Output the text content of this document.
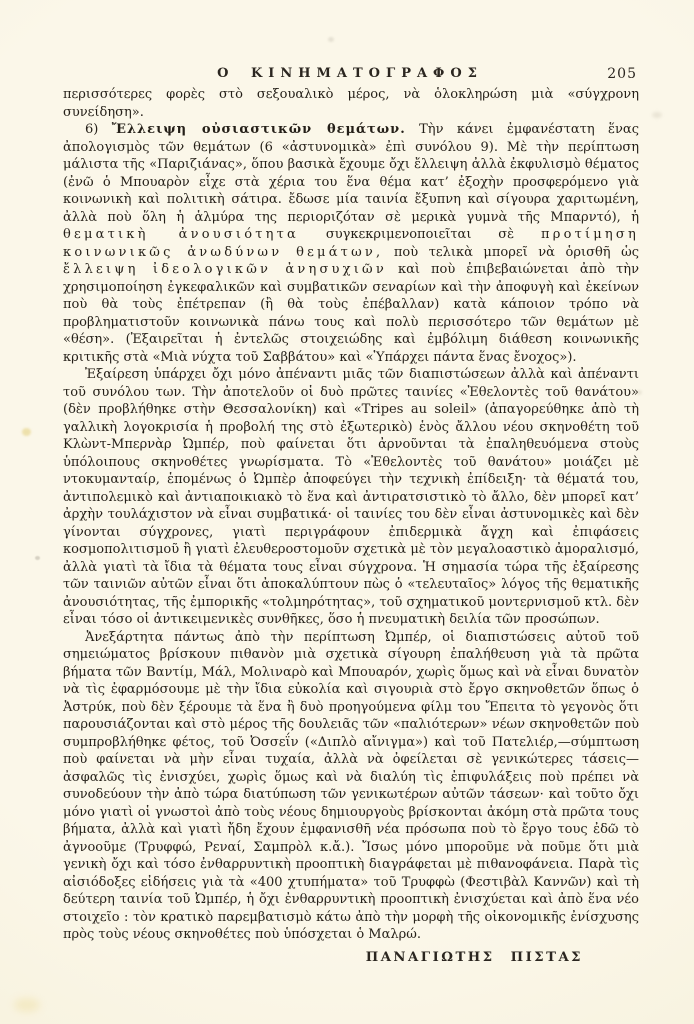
Ο ΚΙΝΗΜΑΤΟΓΡΑΦΟΣ	205

περισσότερες φορὲς στὸ σεξουαλικὸ μέρος, νὰ ὁλοκληρώση μιὰ «σύγχρονη συνείδηση».

6) Ἔλλειψη οὐσιαστικῶν θεμάτων. Τὴν κάνει ἐμφανέστατη ἕνας ἀπολογισμὸς τῶν θεμάτων (6 «ἀστυνομικὰ» ἐπὶ συνόλου 9). Μὲ τὴν περίπτωση μάλιστα τῆς «Παριζιάνας», ὅπου βασικὰ ἔχουμε ὄχι ἔλλειψη ἀλλὰ ἐκφυλισμὸ θέματος (ἐνῶ ὁ Μπουαρὸν εἶχε στὰ χέρια του ἕνα θέμα κατ’ ἐξοχὴν προσφερόμενο γιὰ κοινωνικὴ καὶ πολιτικὴ σάτιρα. ἔδωσε μία ταινία ἔξυπνη καὶ σίγουρα χαριτωμένη, ἀλλὰ ποὺ ὅλη ἡ ἁλμύρα της περιοριζόταν σὲ μερικὰ γυμνὰ τῆς Μπαρντό), ἡ θεματικὴ ἀνουσιότητα συγκεκριμενοποιεῖται σὲ προτίμηση κοινωνικῶς ἀνωδύνων θεμάτων, ποὺ τελικὰ μπορεῖ νὰ ὁρισθῆ ὡς ἔλλειψη ἰδεολογικῶν ἀνησυχιῶν καὶ ποὺ ἐπιβεβαιώνεται ἀπὸ τὴν χρησιμοποίηση ἐγκεφαλικῶν καὶ συμβατικῶν σεναρίων καὶ τὴν ἀποφυγὴ καὶ ἐκείνων ποὺ θὰ τοὺς ἐπέτρεπαν (ἢ θὰ τοὺς ἐπέβαλλαν) κατὰ κάποιον τρόπο νὰ προβληματιστοῦν κοινωνικὰ πάνω τους καὶ πολὺ περισσότερο τῶν θεμάτων μὲ «θέση». (Ἐξαιρεῖται ἡ ἐντελῶς στοιχειώδης καὶ ἐμβόλιμη διάθεση κοινωνικῆς κριτικῆς στὰ «Μιὰ νύχτα τοῦ Σαββάτου» καὶ «Ὑπάρχει πάντα ἕνας ἔνοχος»).

Ἐξαίρεση ὑπάρχει ὄχι μόνο ἀπέναντι μιᾶς τῶν διαπιστώσεων ἀλλὰ καὶ ἀπέναντι τοῦ συνόλου των. Τὴν ἀποτελοῦν οἱ δυὸ πρῶτες ταινίες «Ἐθελοντὲς τοῦ θανάτου» (δὲν προβλήθηκε στὴν Θεσσαλονίκη) καὶ «Tripes au soleil» (ἀπαγορεύθηκε ἀπὸ τὴ γαλλικὴ λογοκρισία ἡ προβολή της στὸ ἐξωτερικὸ) ἑνὸς ἄλλου νέου σκηνοθέτη τοῦ Κλὼντ-Μπερνὰρ Ὠμπέρ, ποὺ φαίνεται ὅτι ἀρνοῦνται τὰ ἐπαληθευόμενα στοὺς ὑπόλοιπους σκηνοθέτες γνωρίσματα. Τὸ «Ἐθελοντὲς τοῦ θανάτου» μοιάζει μὲ ντοκυμανταίρ, ἑπομένως ὁ Ὠμπὲρ ἀποφεύγει τὴν τεχνικὴ ἐπίδειξη· τὰ θέματά του, ἀντιπολεμικὸ καὶ ἀντιαποικιακὸ τὸ ἕνα καὶ ἀντιρατσιστικὸ τὸ ἄλλο, δὲν μπορεῖ κατ’ ἀρχὴν τουλάχιστον νὰ εἶναι συμβατικά· οἱ ταινίες του δὲν εἶναι ἀστυνομικὲς καὶ δὲν γίνονται σύγχρονες, γιατὶ περιγράφουν ἐπιδερμικὰ ἄγχη καὶ ἐπιφάσεις κοσμοπολιτισμοῦ ἢ γιατὶ ἐλευθεροστομοῦν σχετικὰ μὲ τὸν μεγαλοαστικὸ ἀμοραλισμό, ἀλλὰ γιατὶ τὰ ἴδια τὰ θέματα τους εἶναι σύγχρονα. Ἡ σημασία τώρα τῆς ἐξαίρεσης τῶν ταινιῶν αὐτῶν εἶναι ὅτι ἀποκαλύπτουν πὼς ὁ «τελευταῖος» λόγος τῆς θεματικῆς ἀνουσιότητας, τῆς ἐμπορικῆς «τολμηρότητας», τοῦ σχηματικοῦ μοντερνισμοῦ κτλ. δὲν εἶναι τόσο οἱ ἀντικειμενικὲς συνθῆκες, ὅσο ἡ πνευματικὴ δειλία τῶν προσώπων.

Ἀνεξάρτητα πάντως ἀπὸ τὴν περίπτωση Ὠμπέρ, οἱ διαπιστώσεις αὐτοῦ τοῦ σημειώματος βρίσκουν πιθανὸν μιὰ σχετικὰ σίγουρη ἐπαλήθευση γιὰ τὰ πρῶτα βήματα τῶν Βαντίμ, Μάλ, Μολιναρὸ καὶ Μπουαρόν, χωρὶς ὅμως καὶ νὰ εἶναι δυνατὸν νὰ τὶς ἐφαρμόσουμε μὲ τὴν ἴδια εὐκολία καὶ σιγουριὰ στὸ ἔργο σκηνοθετῶν ὅπως ὁ Ἀστρύκ, ποὺ δὲν ξέρουμε τὰ ἕνα ἢ δυὸ προηγούμενα φίλμ του Ἔπειτα τὸ γεγονὸς ὅτι παρουσιάζονται καὶ στὸ μέρος τῆς δουλειᾶς τῶν «παλιότερων» νέων σκηνοθετῶν ποὺ συμπροβλήθηκε φέτος, τοῦ Ὀσσεΐν («Διπλὸ αἴνιγμα») καὶ τοῦ Πατελιέρ,—σύμπτωση ποὺ φαίνεται νὰ μὴν εἶναι τυχαία, ἀλλὰ νὰ ὀφείλεται σὲ γενικώτερες τάσεις—ἀσφαλῶς τὶς ἐνισχύει, χωρὶς ὅμως καὶ νὰ διαλύη τὶς ἐπιφυλάξεις ποὺ πρέπει νὰ συνοδεύουν τὴν ἀπὸ τώρα διατύπωση τῶν γενικωτέρων αὐτῶν τάσεων· καὶ τοῦτο ὄχι μόνο γιατὶ οἱ γνωστοὶ ἀπὸ τοὺς νέους δημιουργοὺς βρίσκονται ἀκόμη στὰ πρῶτα τους βήματα, ἀλλὰ καὶ γιατὶ ἤδη ἔχουν ἐμφανισθῆ νέα πρόσωπα ποὺ τὸ ἔργο τους ἐδῶ τὸ ἀγνοοῦμε (Τρυφφώ, Ρεναί, Σαμπρὸλ κ.ἄ.). Ἴσως μόνο μποροῦμε νὰ ποῦμε ὅτι μιὰ γενικὴ ὄχι καὶ τόσο ἐνθαρρυντικὴ προοπτικὴ διαγράφεται μὲ πιθανοφάνεια. Παρὰ τὶς αἰσιόδοξες εἰδήσεις γιὰ τὰ «400 χτυπήματα» τοῦ Τρυφφὼ (Φεστιβὰλ Καννῶν) καὶ τὴ δεύτερη ταινία τοῦ Ὠμπέρ, ἡ ὄχι ἐνθαρρυντικὴ προοπτικὴ ἐνισχύεται καὶ ἀπὸ ἕνα νέο στοιχεῖο : τὸν κρατικὸ παρεμβατισμὸ κάτω ἀπὸ τὴν μορφὴ τῆς οἰκονομικῆς ἐνίσχυσης πρὸς τοὺς νέους σκηνοθέτες ποὺ ὑπόσχεται ὁ Μαλρώ.

ΠΑΝΑΓΙΩΤΗΣ ΠΙΣΤΑΣ
